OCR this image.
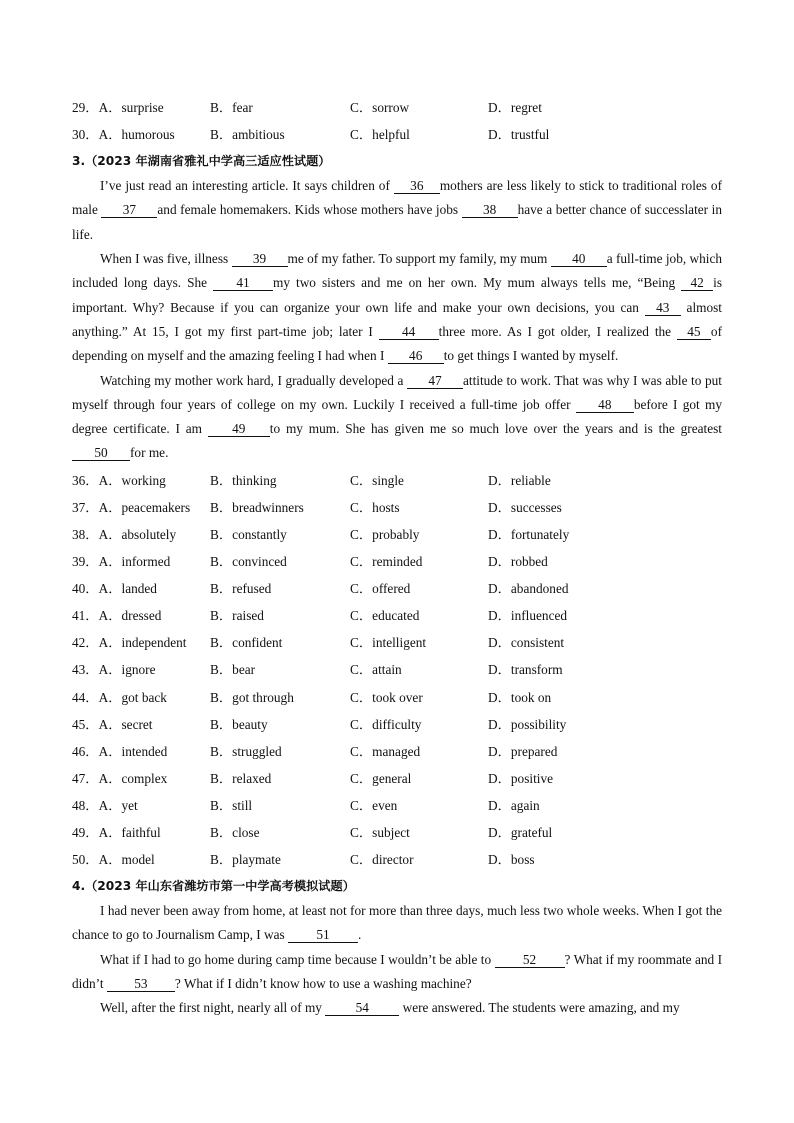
29．A．surprise	B．fear	C．sorrow	D．regret
30．A．humorous	B．ambitious	C．helpful	D．trustful
3.（2023 年湖南省雅礼中学高三适应性试题）

I’ve just read an interesting article. It says children of 36 mothers are less likely to stick to traditional roles of male 37 and female homemakers. Kids whose mothers have jobs 38 have a better chance of successlater in life.

When I was five, illness 39 me of my father. To support my family, my mum 40 a full-time job, which included long days. She 41 my two sisters and me on her own. My mum always tells me, “Being 42 is important. Why? Because if you can organize your own life and make your own decisions, you can 43 almost anything.” At 15, I got my first part-time job; later I 44 three more. As I got older, I realized the 45 of depending on myself and the amazing feeling I had when I 46 to get things I wanted by myself.

Watching my mother work hard, I gradually developed a 47 attitude to work. That was why I was able to put myself through four years of college on my own. Luckily I received a full-time job offer 48 before I got my degree certificate. I am 49 to my mum. She has given me so much love over the years and is the greatest 50 for me.

36．A．working	B．thinking	C．single	D．reliable
37．A．peacemakers	B．breadwinners	C．hosts	D．successes
38．A．absolutely	B．constantly	C．probably	D．fortunately
39．A．informed	B．convinced	C．reminded	D．robbed
40．A．landed	B．refused	C．offered	D．abandoned
41．A．dressed	B．raised	C．educated	D．influenced
42．A．independent	B．confident	C．intelligent	D．consistent
43．A．ignore	B．bear	C．attain	D．transform
44．A．got back	B．got through	C．took over	D．took on
45．A．secret	B．beauty	C．difficulty	D．possibility
46．A．intended	B．struggled	C．managed	D．prepared
47．A．complex	B．relaxed	C．general	D．positive
48．A．yet	B．still	C．even	D．again
49．A．faithful	B．close	C．subject	D．grateful
50．A．model	B．playmate	C．director	D．boss
4.（2023 年山东省潍坊市第一中学高考模拟试题）

I had never been away from home, at least not for more than three days, much less two whole weeks. When I got the chance to go to Journalism Camp, I was 51 .

What if I had to go home during camp time because I wouldn’t be able to 52 ? What if my roommate and I didn’t 53 ? What if I didn’t know how to use a washing machine?

Well, after the first night, nearly all of my 54 were answered. The students were amazing, and my
